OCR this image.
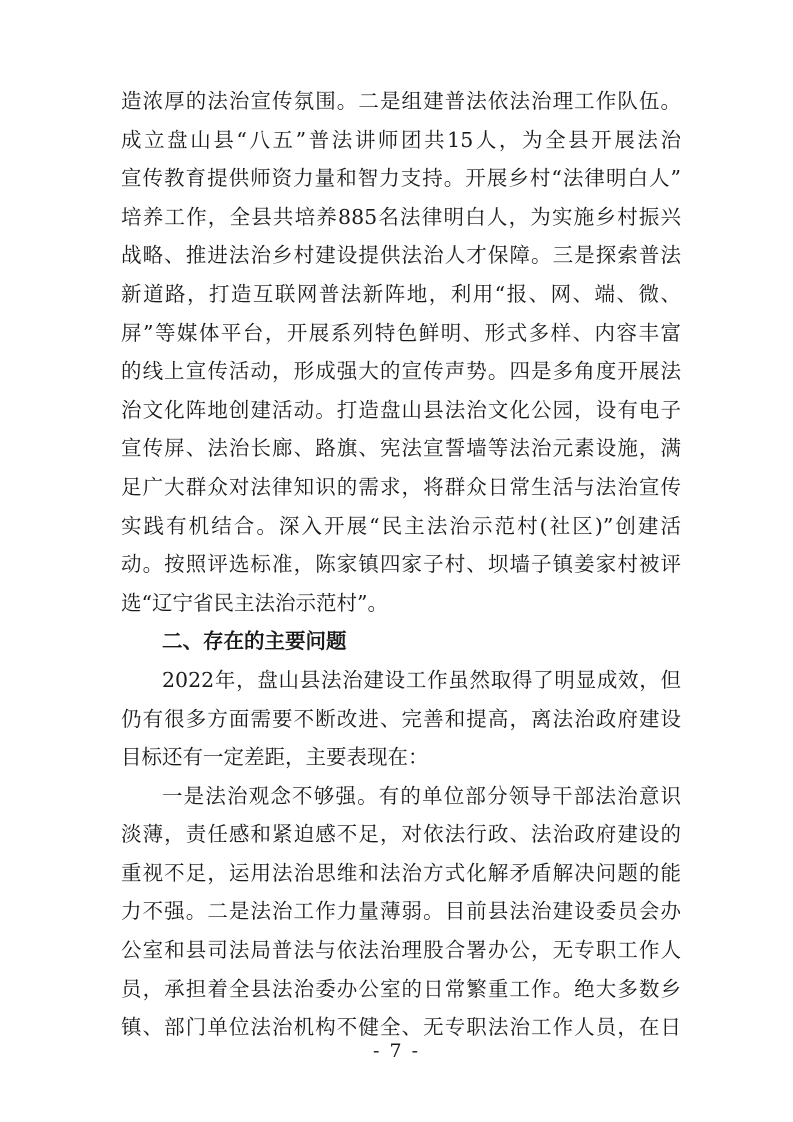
造浓厚的法治宣传氛围。二是组建普法依法治理工作队伍。
成立盘山县“八五”普法讲师团共15人，为全县开展法治
宣传教育提供师资力量和智力支持。开展乡村“法律明白人”
培养工作，全县共培养885名法律明白人，为实施乡村振兴
战略、推进法治乡村建设提供法治人才保障。三是探索普法
新道路，打造互联网普法新阵地，利用“报、网、端、微、
屏”等媒体平台，开展系列特色鲜明、形式多样、内容丰富
的线上宣传活动，形成强大的宣传声势。四是多角度开展法
治文化阵地创建活动。打造盘山县法治文化公园，设有电子
宣传屏、法治长廊、路旗、宪法宣誓墙等法治元素设施，满
足广大群众对法律知识的需求，将群众日常生活与法治宣传
实践有机结合。深入开展“民主法治示范村(社区)”创建活
动。按照评选标准，陈家镇四家子村、坝墙子镇姜家村被评
选“辽宁省民主法治示范村”。
二、存在的主要问题
2022年，盘山县法治建设工作虽然取得了明显成效，但
仍有很多方面需要不断改进、完善和提高，离法治政府建设
目标还有一定差距，主要表现在：
一是法治观念不够强。有的单位部分领导干部法治意识
淡薄，责任感和紧迫感不足，对依法行政、法治政府建设的
重视不足，运用法治思维和法治方式化解矛盾解决问题的能
力不强。二是法治工作力量薄弱。目前县法治建设委员会办
公室和县司法局普法与依法治理股合署办公，无专职工作人
员，承担着全县法治委办公室的日常繁重工作。绝大多数乡
镇、部门单位法治机构不健全、无专职法治工作人员，在日
- 7 -
